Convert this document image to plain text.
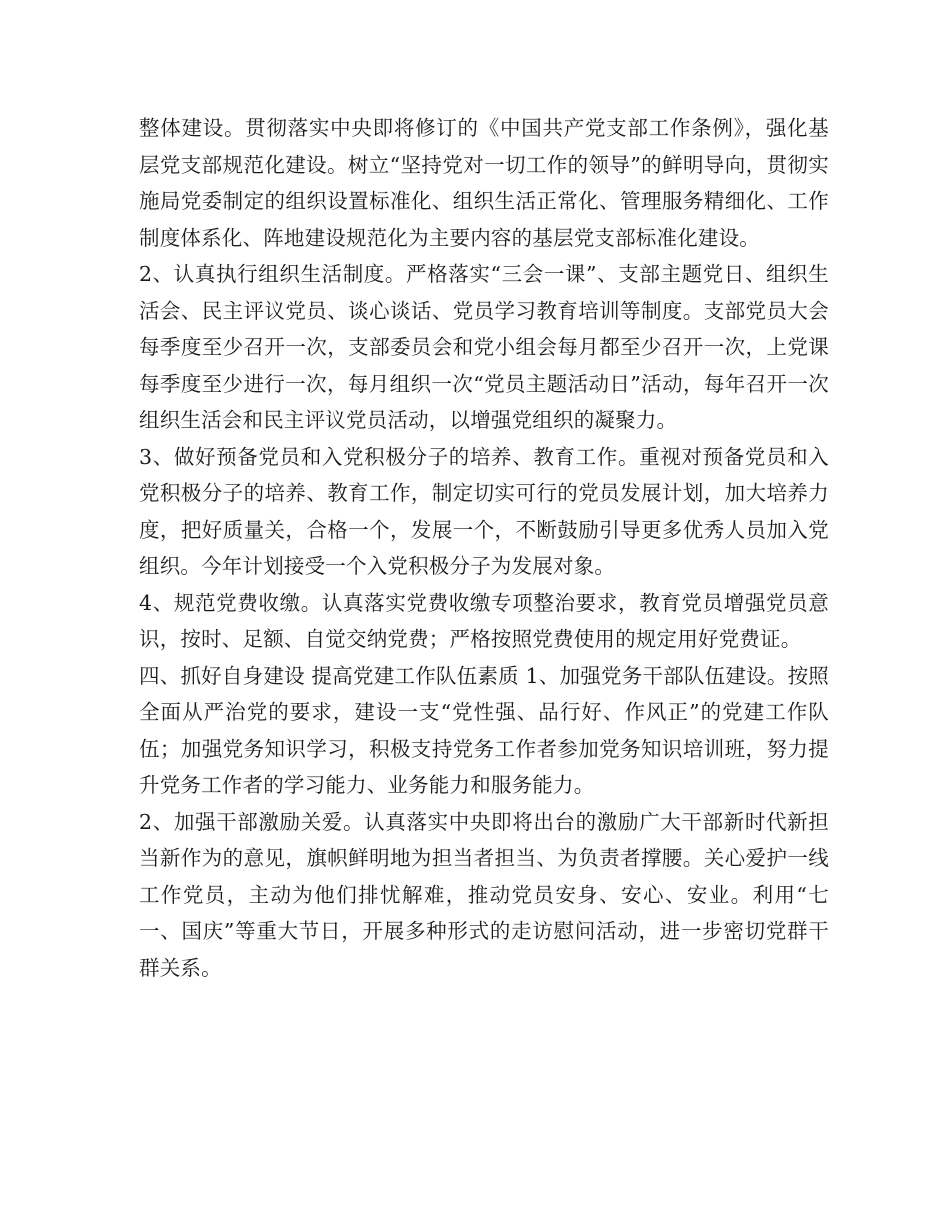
整体建设。贯彻落实中央即将修订的《中国共产党支部工作条例》，强化基层党支部规范化建设。树立“坚持党对一切工作的领导”的鲜明导向，贯彻实施局党委制定的组织设置标准化、组织生活正常化、管理服务精细化、工作制度体系化、阵地建设规范化为主要内容的基层党支部标准化建设。

2、认真执行组织生活制度。严格落实“三会一课”、支部主题党日、组织生活会、民主评议党员、谈心谈话、党员学习教育培训等制度。支部党员大会每季度至少召开一次，支部委员会和党小组会每月都至少召开一次，上党课每季度至少进行一次，每月组织一次“党员主题活动日”活动，每年召开一次组织生活会和民主评议党员活动，以增强党组织的凝聚力。

3、做好预备党员和入党积极分子的培养、教育工作。重视对预备党员和入党积极分子的培养、教育工作，制定切实可行的党员发展计划，加大培养力度，把好质量关，合格一个，发展一个，不断鼓励引导更多优秀人员加入党组织。今年计划接受一个入党积极分子为发展对象。

4、规范党费收缴。认真落实党费收缴专项整治要求，教育党员增强党员意识，按时、足额、自觉交纳党费；严格按照党费使用的规定用好党费证。

四、抓好自身建设 提高党建工作队伍素质 1、加强党务干部队伍建设。按照全面从严治党的要求，建设一支“党性强、品行好、作风正”的党建工作队伍；加强党务知识学习，积极支持党务工作者参加党务知识培训班，努力提升党务工作者的学习能力、业务能力和服务能力。

2、加强干部激励关爱。认真落实中央即将出台的激励广大干部新时代新担当新作为的意见，旗帜鲜明地为担当者担当、为负责者撑腰。关心爱护一线工作党员，主动为他们排忧解难，推动党员安身、安心、安业。利用“七一、国庆”等重大节日，开展多种形式的走访慰问活动，进一步密切党群干群关系。
